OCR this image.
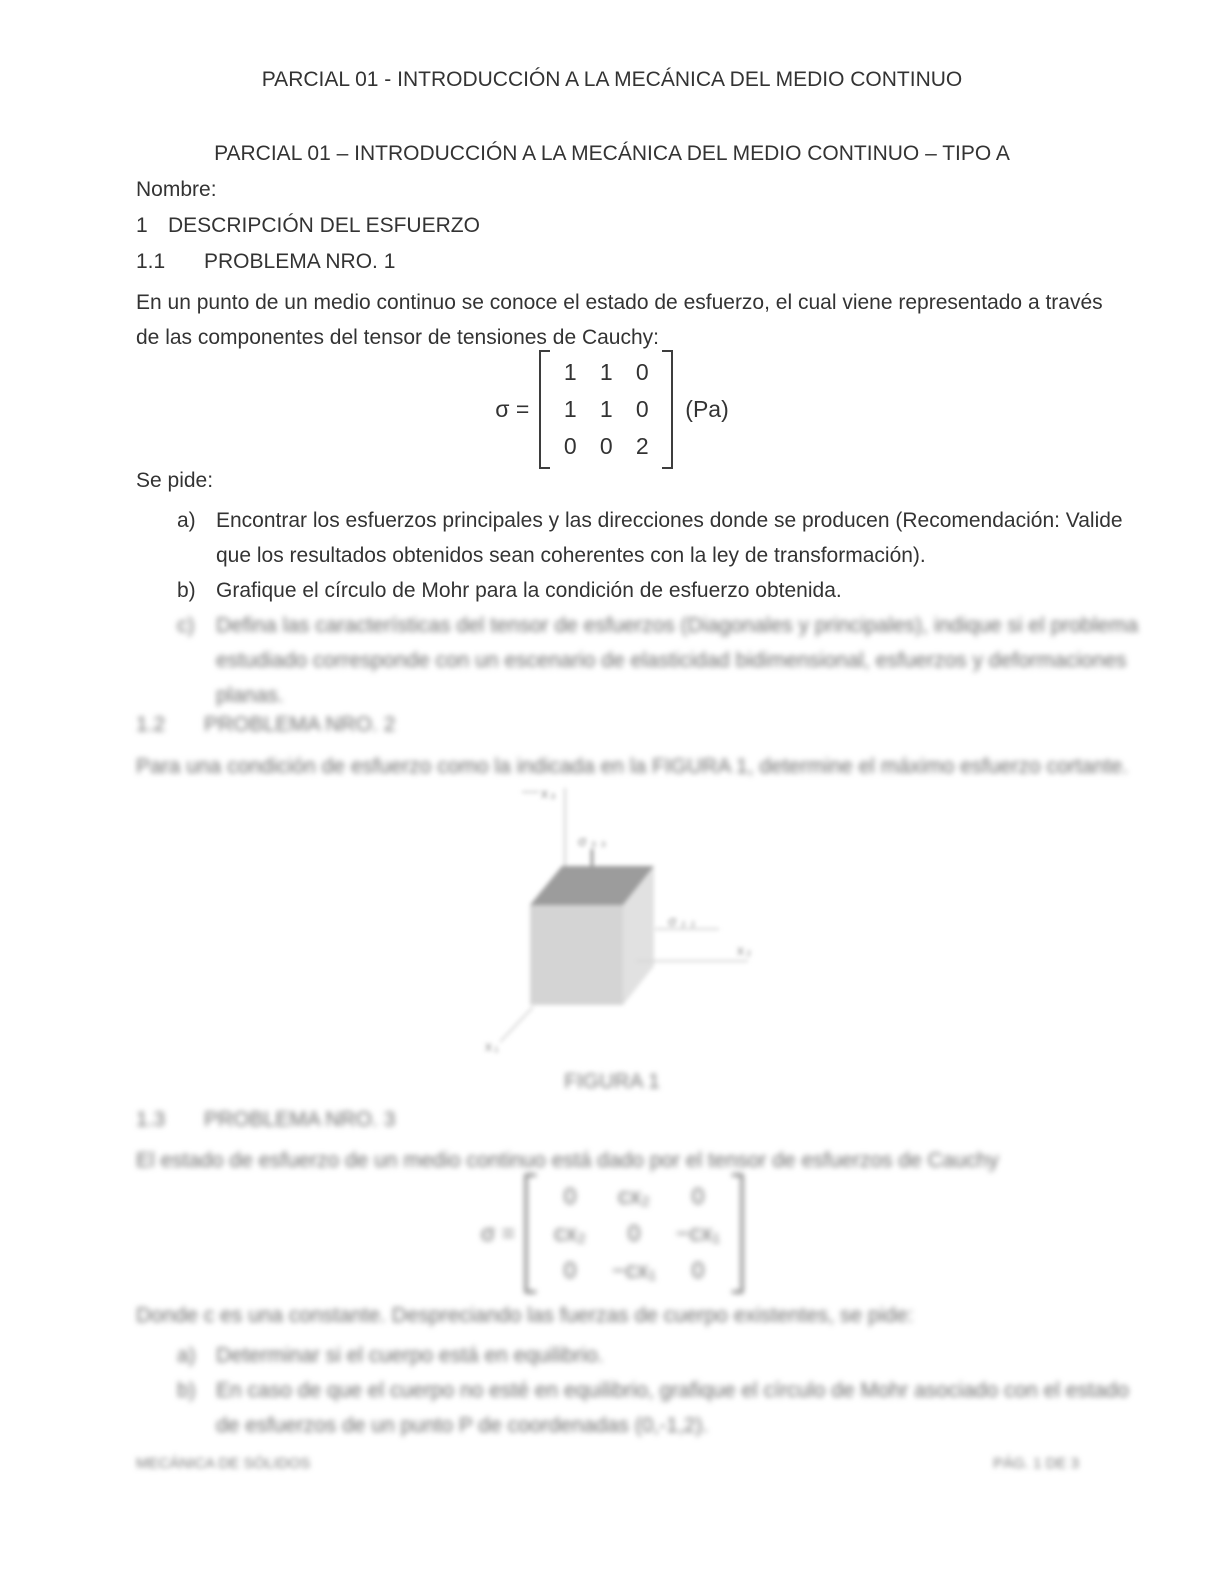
PARCIAL 01 - INTRODUCCIÓN A LA MECÁNICA DEL MEDIO CONTINUO
PARCIAL 01 – INTRODUCCIÓN A LA MECÁNICA DEL MEDIO CONTINUO – TIPO A
Nombre:
1 DESCRIPCIÓN DEL ESFUERZO
1.1	PROBLEMA NRO. 1
En un punto de un medio continuo se conoce el estado de esfuerzo, el cual viene representado a través
de las componentes del tensor de tensiones de Cauchy:
σ =
1	1	0
1	1	0
0	0	2
(Pa)
Se pide:
a) Encontrar los esfuerzos principales y las direcciones donde se producen (Recomendación: Valide
que los resultados obtenidos sean coherentes con la ley de transformación).
b) Grafique el círculo de Mohr para la condición de esfuerzo obtenida.
c)	Defina las características del tensor de esfuerzos (Diagonales y principales), indique si el problema
estudiado corresponde con un escenario de elasticidad bidimensional, esfuerzos y deformaciones
planas.
1.2	PROBLEMA NRO. 2
Para una condición de esfuerzo como la indicada en la FIGURA 1, determine el máximo esfuerzo cortante.
x₃
σ₃₃
σ₂₂
x₂
x₁
FIGURA 1
1.3	PROBLEMA NRO. 3
El estado de esfuerzo de un medio continuo está dado por el tensor de esfuerzos de Cauchy
σ =
0	cx₂	0
cx₂	0	−cx₁
0	−cx₁	0
Donde c es una constante. Despreciando las fuerzas de cuerpo existentes, se pide:
a) Determinar si el cuerpo está en equilibrio.
b) En caso de que el cuerpo no esté en equilibrio, grafique el círculo de Mohr asociado con el estado
de esfuerzos de un punto P de coordenadas (0,-1,2).
MECÁNICA DE SÓLIDOS	PÁG. 1 DE 3
